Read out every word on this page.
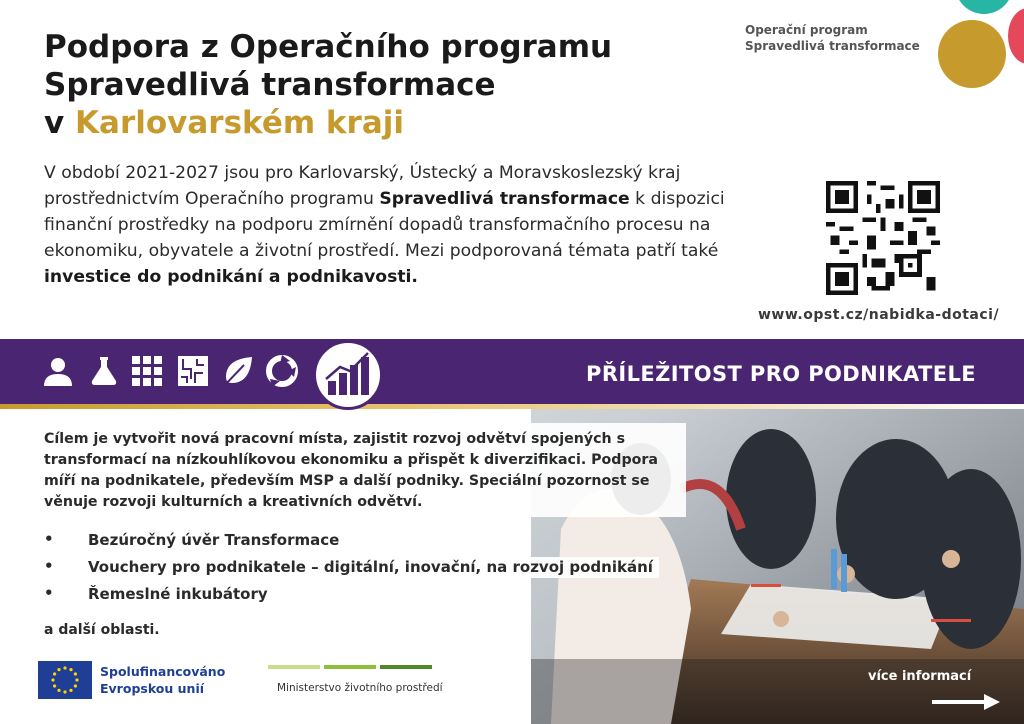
Podpora z Operačního programu
Spravedlivá transformace
v Karlovarském kraji
V období 2021-2027 jsou pro Karlovarský, Ústecký a Moravskoslezský kraj prostřednictvím Operačního programu Spravedlivá transformace k dispozici finanční prostředky na podporu zmírnění dopadů transformačního procesu na ekonomiku, obyvatele a životní prostředí. Mezi podporovaná témata patří také investice do podnikání a podnikavosti.
Operační program
Spravedlivá transformace
www.opst.cz/nabidka-dotaci/
PŘÍLEŽITOST PRO PODNIKATELE
Cílem je vytvořit nová pracovní místa, zajistit rozvoj odvětví spojených s transformací na nízkouhlíkovou ekonomiku a přispět k diverzifikaci. Podpora míří na podnikatele, především MSP a další podniky. Speciální pozornost se věnuje rozvoji kulturních a kreativních odvětví.
• Bezúročný úvěr Transformace
• Vouchery pro podnikatele – digitální, inovační, na rozvoj podnikání
• Řemeslné inkubátory
a další oblasti.
Spolufinancováno
Evropskou unií	Ministerstvo životního prostředí
více informací
